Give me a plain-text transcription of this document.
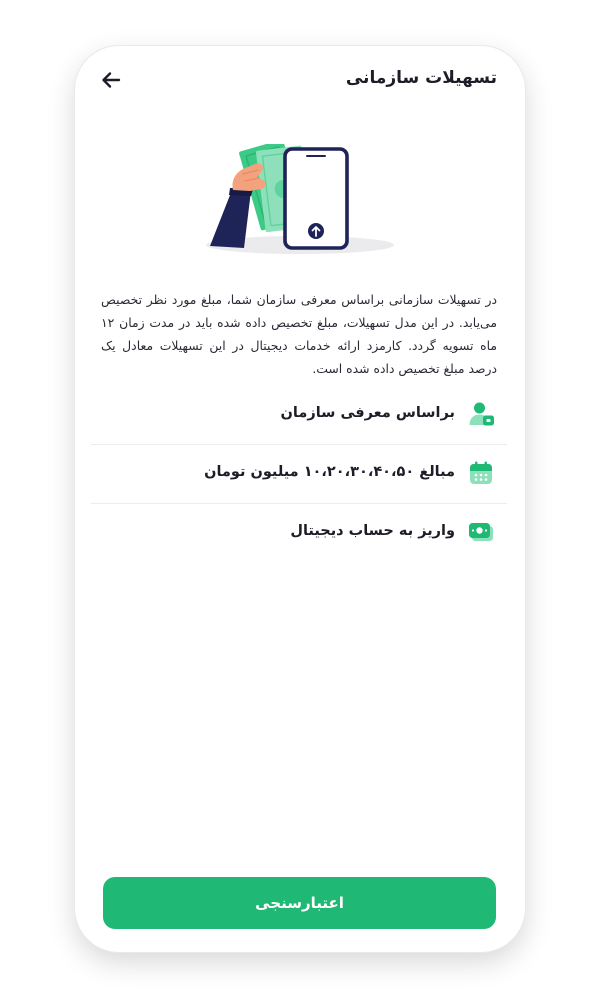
تسهیلات سازمانی
در تسهیلات سازمانی براساس معرفی سازمان شما، مبلغ مورد نظر تخصیص می‌یابد. در این مدل تسهیلات، مبلغ تخصیص داده شده باید در مدت زمان ۱۲ ماه تسویه گردد. کارمزد ارائه خدمات دیجیتال در این تسهیلات معادل یک درصد مبلغ تخصیص داده شده است.
براساس معرفی سازمان
مبالغ ۱۰،۲۰،۳۰،۴۰،۵۰ میلیون تومان
واریز به حساب دیجیتال
اعتبارسنجی
